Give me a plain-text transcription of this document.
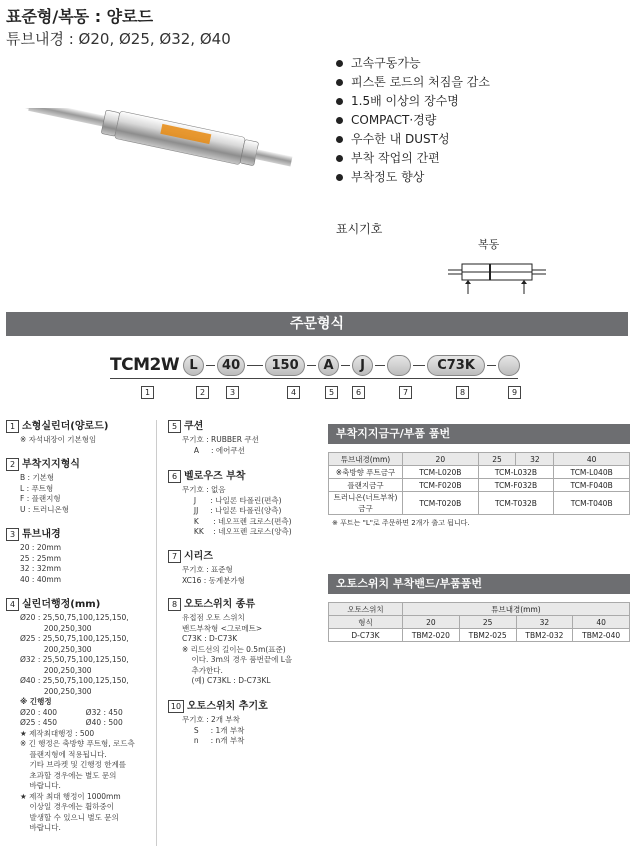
표준형/복동 : 양로드
튜브내경 : Ø20, Ø25, Ø32, Ø40
고속구동가능
피스톤 로드의 처짐을 감소
1.5배 이상의 장수명
COMPACT·경량
우수한 내 DUST성
부착 작업의 간편
부착정도 향상
표시기호
복동
주문형식
TCM2W L	40	150	A	J	C73K
1	2	3	4	5	6	7	8	9
1 소형실린더(양로드)
※ 자석내장이 기본형임
2 부착지지형식
B : 기본형
L : 푸트형
F : 플랜지형
U : 트러니온형
3 튜브내경
20 : 20mm
25 : 25mm
32 : 32mm
40 : 40mm
4 실린더행정(mm)
Ø20 : 25,50,75,100,125,150,
200,250,300
Ø25 : 25,50,75,100,125,150,
200,250,300
Ø32 : 25,50,75,100,125,150,
200,250,300
Ø40 : 25,50,75,100,125,150,
200,250,300
※ 긴행정
Ø20 : 400            Ø32 : 450
Ø25 : 450            Ø40 : 500
★ 제작최대행정 : 500
※ 긴 행정은 축방향 푸트형, 로드측
플랜지형에 적용됩니다.
기타 브라켓 및 긴행정 한계를
초과할 경우에는 별도 문의
바랍니다.
★ 제작 최대 행정이 1000mm
이상일 경우에는 휨하중이
발생할 수 있으니 별도 문의
바랍니다.
5 쿠션
무기호 : RUBBER 쿠션
A     : 에어쿠션
6 벨로우즈 부착
무기호 : 없음
J      : 나일론 타폴린(편측)
JJ     : 나일론 타폴린(양측)
K      : 네오프렌 크로스(편측)
KK    : 네오프렌 크로스(양측)
7 시리즈
무기호 : 표준형
XC16 : 동계분가형
8 오토스위치 종류
유접점 오토 스위치
밴드부착형 <그로메트>
C73K : D-C73K
※ 리드선의 길이는 0.5m(표준)
이다. 3m의 경우 품번끝에 L을
추가한다.
(예) C73KL : D-C73KL
10 오토스위치 추기호
무기호 : 2개 부착
S     : 1개 부착
n     : n개 부착
부착지지금구/부품 품번
튜브내경(mm)	20	25	32	40
※축방향 푸트금구	TCM-L020B	TCM-L032B		TCM-L040B
플랜지금구	TCM-F020B	TCM-F032B		TCM-F040B
트러니온(너트부착)금구	TCM-T020B	TCM-T032B		TCM-T040B
※ 푸트는 "L"로 주문하면 2개가 출고 됩니다.
오토스위치 부착밴드/부품품번
오토스위치	튜브내경(mm)			
형식	20	25	32	40
D-C73K	TBM2-020	TBM2-025	TBM2-032	TBM2-040
